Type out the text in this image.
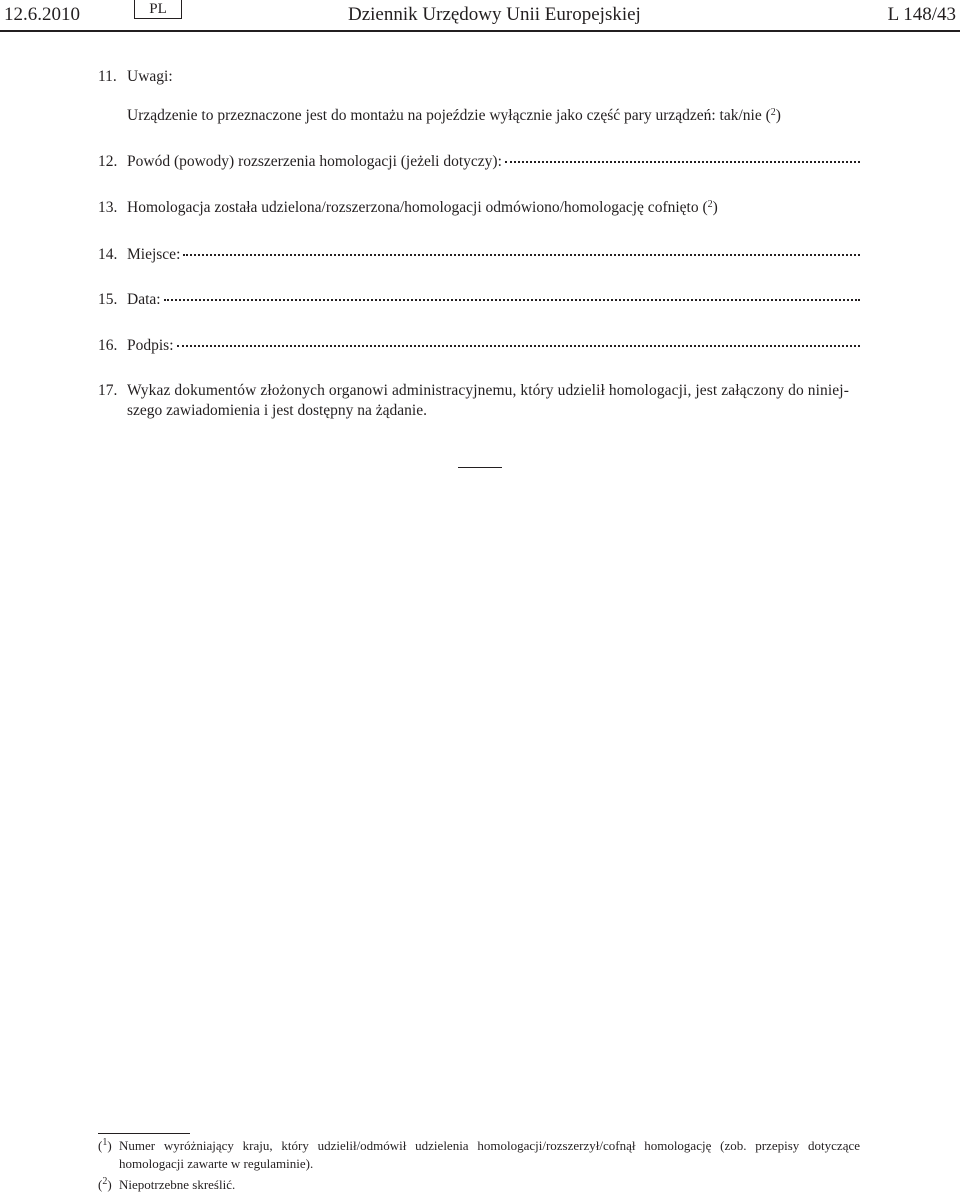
12.6.2010	PL	Dziennik Urzędowy Unii Europejskiej	L 148/43
11. Uwagi:
Urządzenie to przeznaczone jest do montażu na pojeździe wyłącznie jako część pary urządzeń: tak/nie ($^2$)
12. Powód (powody) rozszerzenia homologacji (jeżeli dotyczy):
13. Homologacja została udzielona/rozszerzona/homologacji odmówiono/homologację cofnięto ($^2$)
14. Miejsce:
15. Data:
16. Podpis:
17. Wykaz dokumentów złożonych organowi administracyjnemu, który udzielił homologacji, jest załączony do niniej-
szego zawiadomienia i jest dostępny na żądanie.
($^1$) Numer wyróżniający kraju, który udzielił/odmówił udzielenia homologacji/rozszerzył/cofnął homologację (zob. przepisy dotyczące homologacji zawarte w regulaminie).
($^2$) Niepotrzebne skreślić.
